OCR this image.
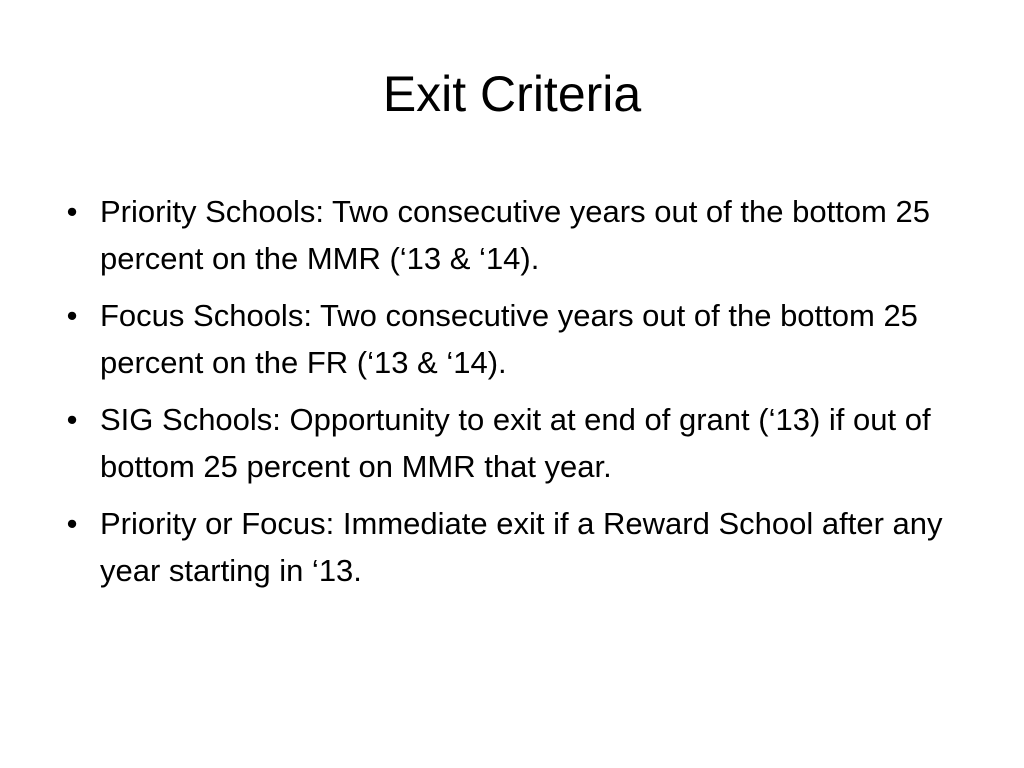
Exit Criteria
• Priority Schools: Two consecutive years out of the bottom 25 percent on the MMR (‘13 & ‘14).
• Focus Schools: Two consecutive years out of the bottom 25 percent on the FR (‘13 & ‘14).
• SIG Schools: Opportunity to exit at end of grant (‘13) if out of bottom 25 percent on MMR that year.
• Priority or Focus: Immediate exit if a Reward School after any year starting in ‘13.
